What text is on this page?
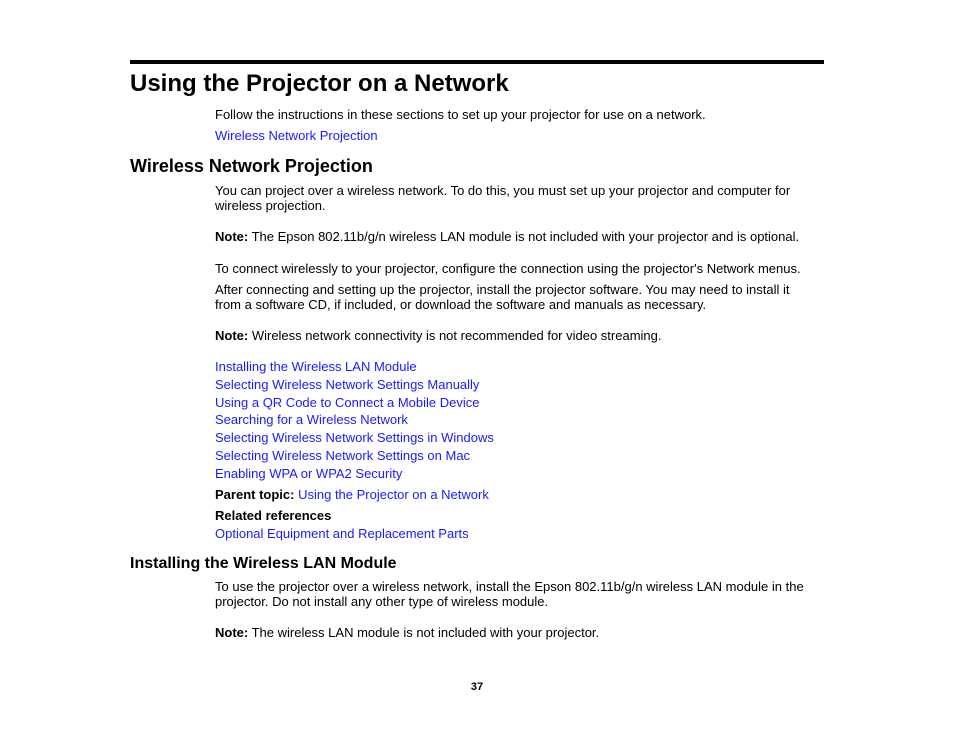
Using the Projector on a Network
Follow the instructions in these sections to set up your projector for use on a network.
Wireless Network Projection
Wireless Network Projection
You can project over a wireless network. To do this, you must set up your projector and computer for wireless projection.
Note: The Epson 802.11b/g/n wireless LAN module is not included with your projector and is optional.
To connect wirelessly to your projector, configure the connection using the projector's Network menus.
After connecting and setting up the projector, install the projector software. You may need to install it from a software CD, if included, or download the software and manuals as necessary.
Note: Wireless network connectivity is not recommended for video streaming.
Installing the Wireless LAN Module
Selecting Wireless Network Settings Manually
Using a QR Code to Connect a Mobile Device
Searching for a Wireless Network
Selecting Wireless Network Settings in Windows
Selecting Wireless Network Settings on Mac
Enabling WPA or WPA2 Security
Parent topic: Using the Projector on a Network
Related references
Optional Equipment and Replacement Parts
Installing the Wireless LAN Module
To use the projector over a wireless network, install the Epson 802.11b/g/n wireless LAN module in the projector. Do not install any other type of wireless module.
Note: The wireless LAN module is not included with your projector.
37
